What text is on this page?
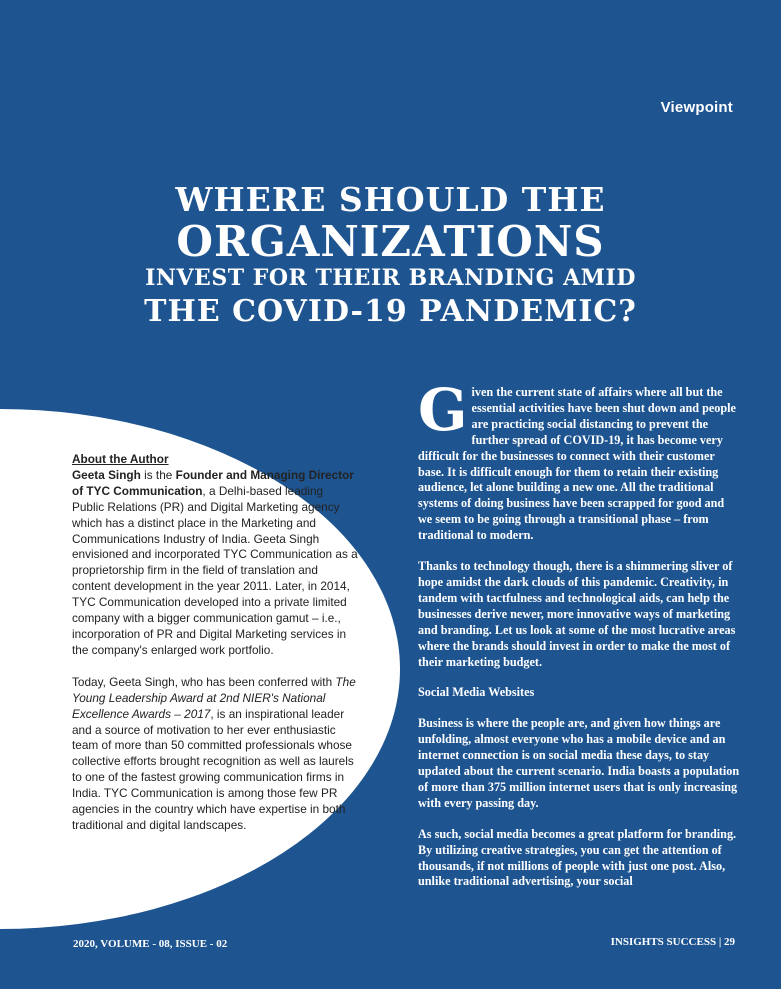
Viewpoint
WHERE SHOULD THE
ORGANIZATIONS
INVEST FOR THEIR BRANDING AMID
THE COVID-19 PANDEMIC?

About the Author
Geeta Singh is the Founder and Managing Director of TYC Communication, a Delhi-based leading Public Relations (PR) and Digital Marketing agency which has a distinct place in the Marketing and Communications Industry of India. Geeta Singh envisioned and incorporated TYC Communication as a proprietorship firm in the field of translation and content development in the year 2011. Later, in 2014, TYC Communication developed into a private limited company with a bigger communication gamut – i.e., incorporation of PR and Digital Marketing services in the company's enlarged work portfolio.

Today, Geeta Singh, who has been conferred with The Young Leadership Award at 2nd NIER's National Excellence Awards – 2017, is an inspirational leader and a source of motivation to her ever enthusiastic team of more than 50 committed professionals whose collective efforts brought recognition as well as laurels to one of the fastest growing communication firms in India. TYC Communication is among those few PR agencies in the country which have expertise in both traditional and digital landscapes.

Given the current state of affairs where all but the essential activities have been shut down and people are practicing social distancing to prevent the further spread of COVID-19, it has become very difficult for the businesses to connect with their customer base. It is difficult enough for them to retain their existing audience, let alone building a new one. All the traditional systems of doing business have been scrapped for good and we seem to be going through a transitional phase – from traditional to modern.

Thanks to technology though, there is a shimmering sliver of hope amidst the dark clouds of this pandemic. Creativity, in tandem with tactfulness and technological aids, can help the businesses derive newer, more innovative ways of marketing and branding. Let us look at some of the most lucrative areas where the brands should invest in order to make the most of their marketing budget.

Social Media Websites

Business is where the people are, and given how things are unfolding, almost everyone who has a mobile device and an internet connection is on social media these days, to stay updated about the current scenario. India boasts a population of more than 375 million internet users that is only increasing with every passing day.

As such, social media becomes a great platform for branding. By utilizing creative strategies, you can get the attention of thousands, if not millions of people with just one post. Also, unlike traditional advertising, your social

2020, VOLUME - 08, ISSUE - 02	INSIGHTS SUCCESS | 29
